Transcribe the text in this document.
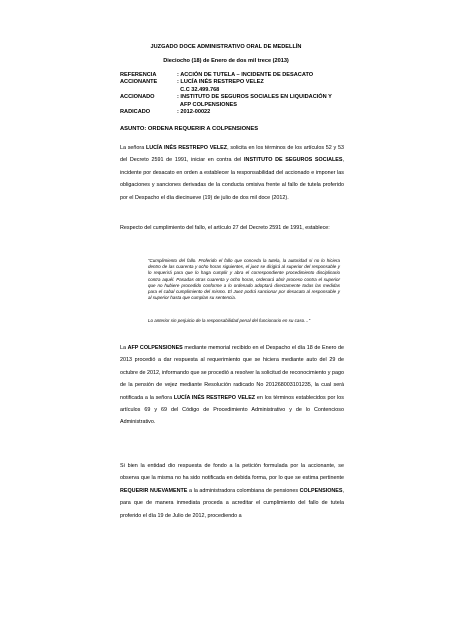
JUZGADO DOCE ADMINISTRATIVO ORAL DE MEDELLÍN
Dieciocho (18) de Enero de dos mil trece (2013)
REFERENCIA	: ACCIÓN DE TUTELA – INCIDENTE DE DESACATO
ACCIONANTE	: LUCÍA INÉS RESTREPO VELEZ
C.C 32.499.768
ACCIONADO	: INSTITUTO DE SEGUROS SOCIALES EN LIQUIDACIÓN Y
AFP COLPENSIONES
RADICADO	: 2012-00022
ASUNTO: ORDENA REQUERIR A COLPENSIONES
La señora LUCÍA INÉS RESTREPO VELEZ, solicita en los términos de los artículos 52 y 53 del Decreto 2591 de 1991, iniciar en contra del INSTITUTO DE SEGUROS SOCIALES, incidente por desacato en orden a establecer la responsabilidad del accionado e imponer las obligaciones y sanciones derivadas de la conducta omisiva frente al fallo de tutela proferido por el Despacho el día diecinueve (19) de julio de dos mil doce (2012).
Respecto del cumplimiento del fallo, el artículo 27 del Decreto 2591 de 1991, establece:
“Cumplimiento del fallo. Proferido el fallo que conceda la tutela, la autoridad si no lo hiciera dentro de las cuarenta y ocho horas siguientes, el juez se dirigirá al superior del responsable y lo requerirá para que lo haga cumplir y abra el correspondiente procedimiento disciplinario contra aquél. Pasadas otras cuarenta y ocho horas, ordenará abrir proceso contra el superior que no hubiere procedido conforme a lo ordenado adoptará directamente todas las medidas para el cabal cumplimiento del mismo. El Juez podrá sancionar por desacato al responsable y al superior hasta que cumplan su sentencia.
Lo anterior sin perjuicio de la responsabilidad penal del funcionario en su caso…”
La AFP COLPENSIONES mediante memorial recibido en el Despacho el día 18 de Enero de 2013 procedió a dar respuesta al requerimiento que se hiciera mediante auto del 29 de octubre de 2012, informando que se procedió a resolver la solicitud de reconocimiento y pago de la pensión de vejez mediante Resolución radicado No 201268003101235, la cual será notificada a la señora LUCÍA INÉS RESTREPO VELEZ en los términos establecidos por los artículos 69 y 69 del Código de Procedimiento Administrativo y de lo Contencioso Administrativo.
Si bien la entidad dio respuesta de fondo a la petición formulada por la accionante, se observa que la misma no ha sido notificada en debida forma, por lo que se estima pertinente REQUERIR NUEVAMENTE a la administradora colombiana de pensiones COLPENSIONES, para que de manera inmediata proceda a acreditar el cumplimiento del fallo de tutela proferido el día 19 de Julio de 2012, procediendo a
